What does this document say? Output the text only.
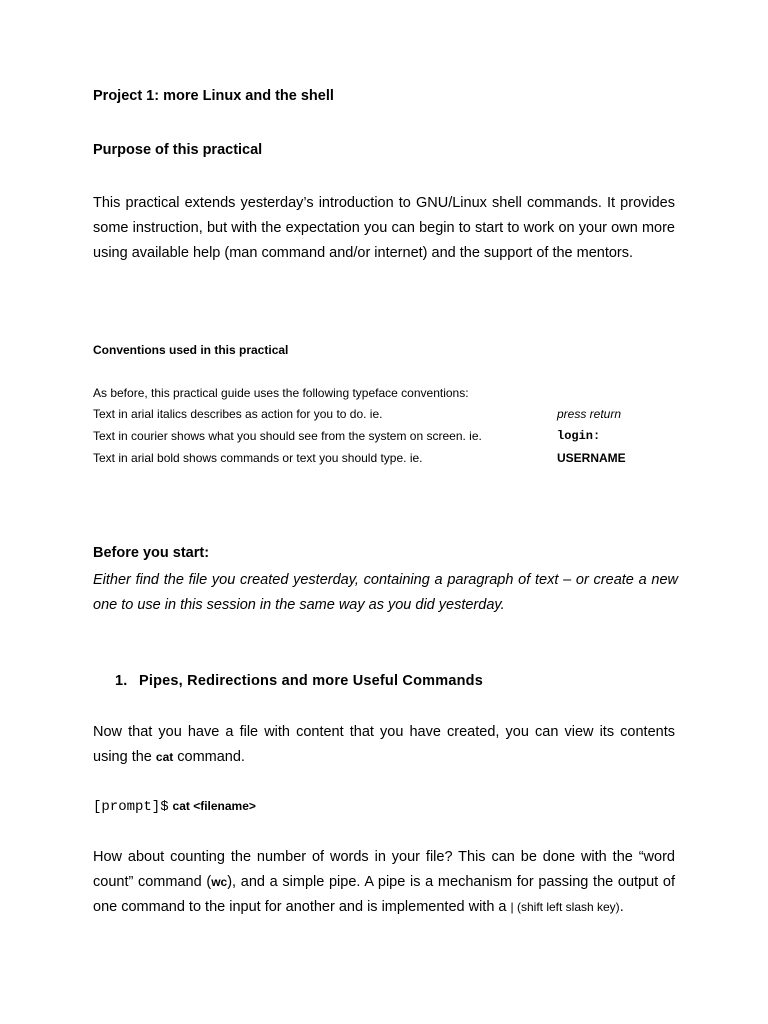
Project 1: more Linux and the shell
Purpose of this practical

This practical extends yesterday’s introduction to GNU/Linux shell commands. It provides some instruction, but with the expectation you can begin to start to work on your own more using available help (man command and/or internet) and the support of the mentors.

Conventions used in this practical

As before, this practical guide uses the following typeface conventions:

Text in arial italics describes as action for you to do. ie.	press return

Text in courier shows what you should see from the system on screen. ie.	login:

Text in arial bold shows commands or text you should type. ie.	USERNAME

Before you start:

Either find the file you created yesterday, containing a paragraph of text – or create a new one to use in this session in the same way as you did yesterday.

1. Pipes, Redirections and more Useful Commands

Now that you have a file with content that you have created, you can view its contents using the cat command.

[prompt]$ cat <filename>

How about counting the number of words in your file? This can be done with the “word count” command (wc), and a simple pipe. A pipe is a mechanism for passing the output of one command to the input for another and is implemented with a | (shift left slash key).
